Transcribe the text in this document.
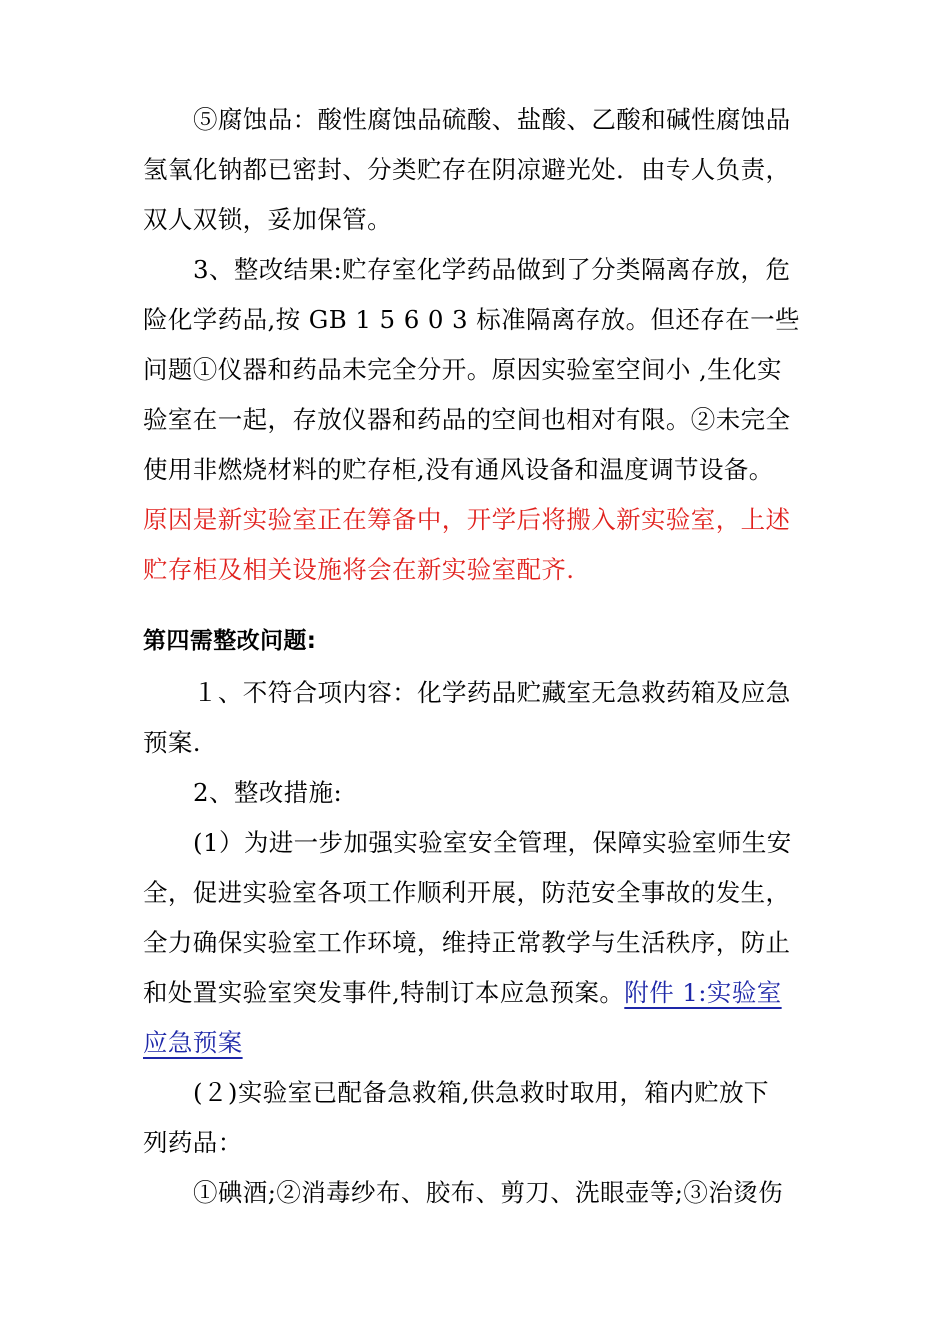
⑤腐蚀品：酸性腐蚀品硫酸、盐酸、乙酸和碱性腐蚀品
氢氧化钠都已密封、分类贮存在阴凉避光处．由专人负责，
双人双锁，妥加保管。
3、整改结果:贮存室化学药品做到了分类隔离存放，危
险化学药品,按 GB 1 5 6 0 3 标准隔离存放。但还存在一些
问题①仪器和药品未完全分开。原因实验室空间小 ,生化实
验室在一起，存放仪器和药品的空间也相对有限。②未完全
使用非燃烧材料的贮存柜,没有通风设备和温度调节设备。
原因是新实验室正在筹备中，开学后将搬入新实验室，上述
贮存柜及相关设施将会在新实验室配齐.
第四需整改问题:
１、不符合项内容：化学药品贮藏室无急救药箱及应急
预案.
2、整改措施:
(1）为进一步加强实验室安全管理，保障实验室师生安
全，促进实验室各项工作顺利开展，防范安全事故的发生，
全力确保实验室工作环境，维持正常教学与生活秩序，防止
和处置实验室突发事件,特制订本应急预案。附件 1:实验室
应急预案
(２)实验室已配备急救箱,供急救时取用，箱内贮放下
列药品：
①碘酒;②消毒纱布、胶布、剪刀、洗眼壶等;③治烫伤
